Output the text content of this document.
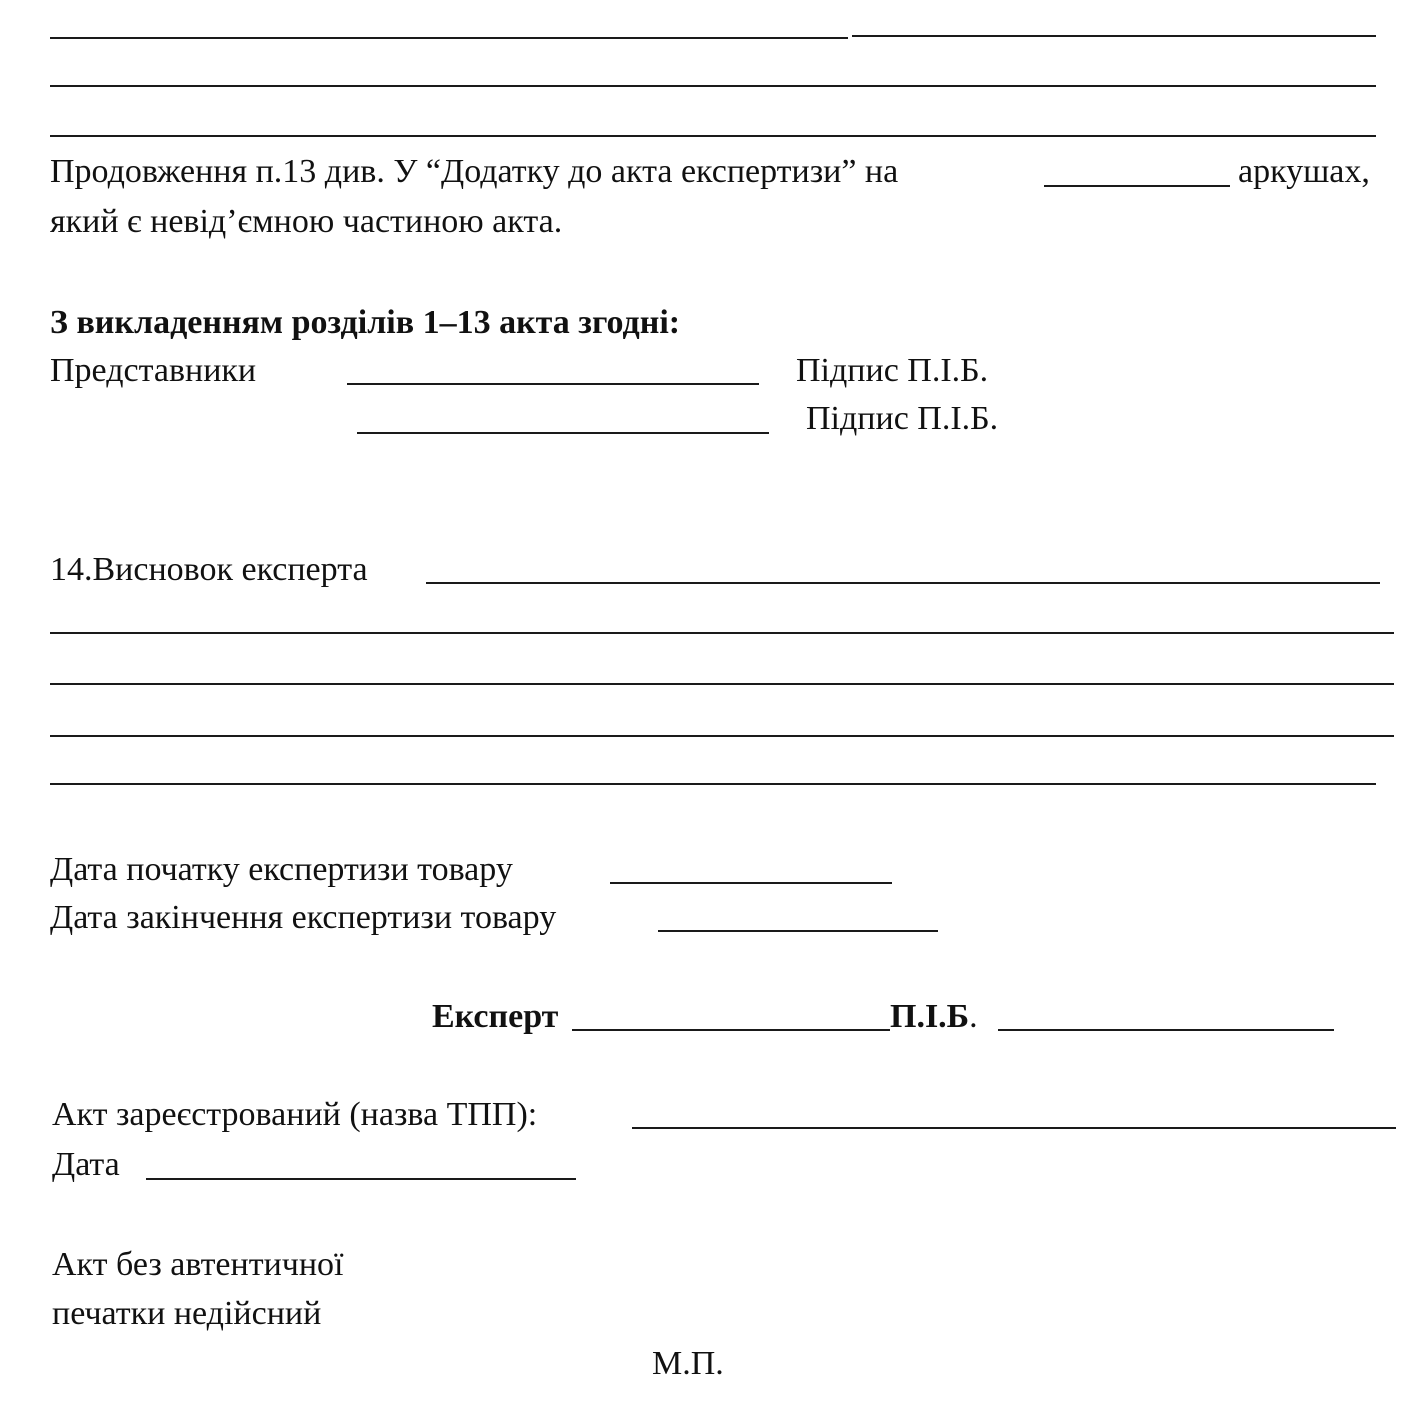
Продовження п.13 див. У “Додатку до акта експертизи” на	аркушах,
який є невід’ємною частиною акта.
З викладенням розділів 1–13 акта згодні:
Представники	Підпис П.І.Б.
Підпис П.І.Б.
14.Висновок експерта
Дата початку експертизи товару
Дата закінчення експертизи товару
Експерт	П.І.Б.
Акт зареєстрований (назва ТПП):
Дата
Акт без автентичної
печатки недійсний
М.П.
